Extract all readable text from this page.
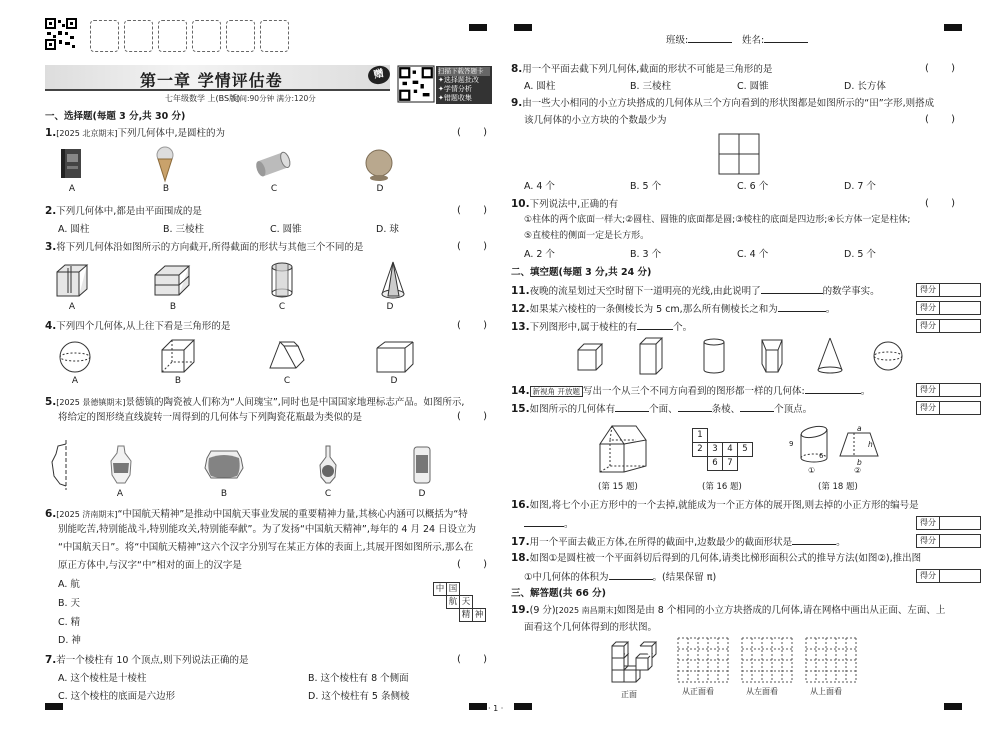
第一章 学情评估卷	赠
七年级数学 上(BS版)
时间:90分钟 满分:120分
扫描下载答题卡
✦选择题批改
✦学情分析
✦错题收集
一、选择题(每题 3 分,共 30 分)
1.[2025 北京期末]下列几何体中,是圆柱的为	(       )
A	B	C	D
2.下列几何体中,都是由平面围成的是	(       )
A. 圆柱	B. 三棱柱	C. 圆锥	D. 球
3.将下列几何体沿如图所示的方向截开,所得截面的形状与其他三个不同的是	(       )
A	B	C	D
4.下列四个几何体,从上往下看是三角形的是	(       )
A	B	C	D
5.[2025 景德镇期末]景德镇的陶瓷被人们称为“人间瑰宝”,同时也是中国国家地理标志产品。如图所示,
将给定的图形绕直线旋转一周得到的几何体与下列陶瓷花瓶最为类似的是	(       )
A	B	C	D
6.[2025 济南期末]“中国航天精神”是推动中国航天事业发展的重要精神力量,其核心内涵可以概括为“特
别能吃苦,特别能战斗,特别能攻关,特别能奉献”。为了发扬“中国航天精神”,每年的 4 月 24 日设立为
“中国航天日”。将“中国航天精神”这六个汉字分别写在某正方体的表面上,其展开图如图所示,那么在
原正方体中,与汉字“中”相对的面上的汉字是	(       )
A. 航
B. 天
C. 精
D. 神
中 国
航 天
精 神
7.若一个棱柱有 10 个顶点,则下列说法正确的是	(       )
A. 这个棱柱是十棱柱	B. 这个棱柱有 8 个侧面
C. 这个棱柱的底面是六边形	D. 这个棱柱有 5 条侧棱
· 1 ·
班级:	姓名:
8.用一个平面去截下列几何体,截面的形状不可能是三角形的是	(       )
A. 圆柱	B. 三棱柱	C. 圆锥	D. 长方体
9.由一些大小相同的小立方块搭成的几何体从三个方向看到的形状图都是如图所示的“田”字形,则搭成
该几何体的小立方块的个数最少为	(       )
A. 4 个	B. 5 个	C. 6 个	D. 7 个
10.下列说法中,正确的有	(       )
①柱体的两个底面一样大;②圆柱、圆锥的底面都是圆;③棱柱的底面是四边形;④长方体一定是柱体;
⑤直棱柱的侧面一定是长方形。
A. 2 个	B. 3 个	C. 4 个	D. 5 个
二、填空题(每题 3 分,共 24 分)
11.夜晚的流星划过天空时留下一道明亮的光线,由此说明了	的数学事实。	得分
12.如果某六棱柱的一条侧棱长为 5 cm,那么所有侧棱长之和为	。	得分
13.下列图形中,属于棱柱的有	个。	得分
14. 新视角 开放题 写出一个从三个不同方向看到的图形都一样的几何体:	。	得分
15.如图所示的几何体有	个面、	条棱、	个顶点。	得分
(第 15 题)
1
2	3	4	5
6	7
(第 16 题)
9
6
a
h
b
①	②
(第 18 题)
16.如图,将七个小正方形中的一个去掉,就能成为一个正方体的展开图,则去掉的小正方形的编号是
。	得分
17.用一个平面去截正方体,在所得的截面中,边数最少的截面形状是	。	得分
18.如图①是圆柱被一个平面斜切后得到的几何体,请类比梯形面积公式的推导方法(如图②),推出图
①中几何体的体积为	。(结果保留 π)	得分
三、解答题(共 66 分)
19.(9 分)[2025 南昌期末]如图是由 8 个相同的小立方块搭成的几何体,请在网格中画出从正面、左面、上
面看这个几何体得到的形状图。
正面	从正面看	从左面看	从上面看
